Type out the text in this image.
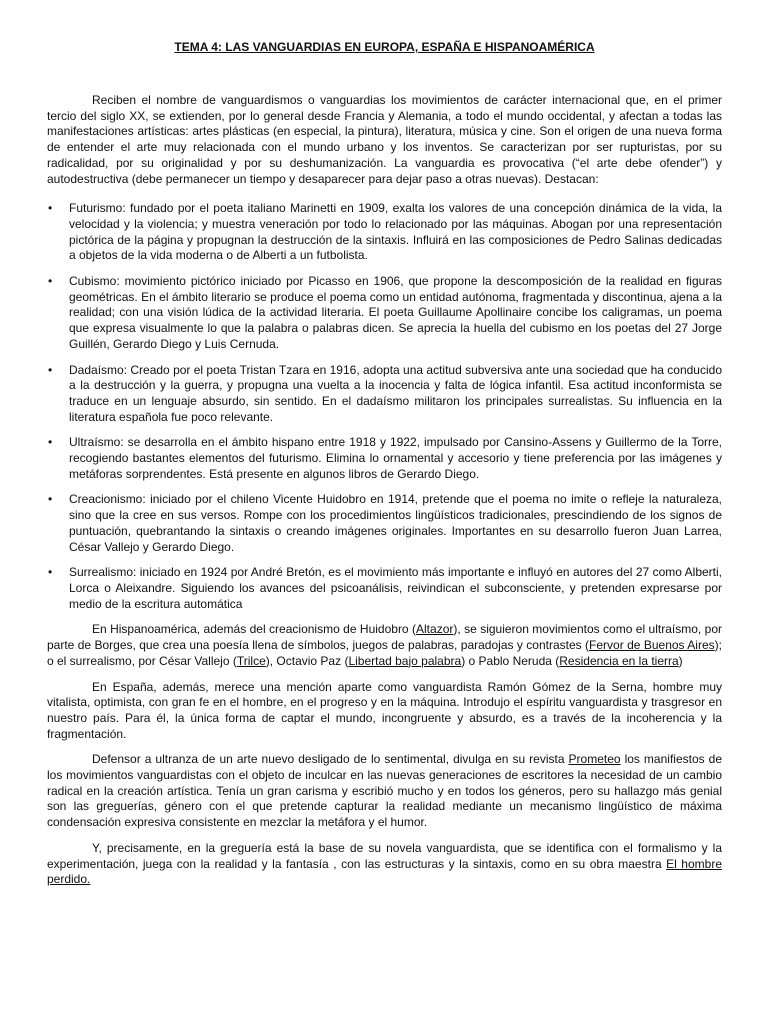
TEMA 4: LAS VANGUARDIAS EN EUROPA, ESPAÑA E HISPANOAMÉRICA

Reciben el nombre de vanguardismos o vanguardias los movimientos de carácter internacional que, en el primer tercio del siglo XX, se extienden, por lo general desde Francia y Alemania, a todo el mundo occidental, y afectan a todas las manifestaciones artísticas: artes plásticas (en especial, la pintura), literatura, música y cine. Son el origen de una nueva forma de entender el arte muy relacionada con el mundo urbano y los inventos. Se caracterizan por ser rupturistas, por su radicalidad, por su originalidad y por su deshumanización. La vanguardia es provocativa (“el arte debe ofender”) y autodestructiva (debe permanecer un tiempo y desaparecer para dejar paso a otras nuevas). Destacan:

• Futurismo: fundado por el poeta italiano Marinetti en 1909, exalta los valores de una concepción dinámica de la vida, la velocidad y la violencia; y muestra veneración por todo lo relacionado por las máquinas. Abogan por una representación pictórica de la página y propugnan la destrucción de la sintaxis. Influirá en las composiciones de Pedro Salinas dedicadas a objetos de la vida moderna o de Alberti a un futbolista.
• Cubismo: movimiento pictórico iniciado por Picasso en 1906, que propone la descomposición de la realidad en figuras geométricas. En el ámbito literario se produce el poema como un entidad autónoma, fragmentada y discontinua, ajena a la realidad; con una visión lúdica de la actividad literaria. El poeta Guillaume Apollinaire concibe los caligramas, un poema que expresa visualmente lo que la palabra o palabras dicen. Se aprecia la huella del cubismo en los poetas del 27 Jorge Guillén, Gerardo Diego y Luis Cernuda.
• Dadaísmo: Creado por el poeta Tristan Tzara en 1916, adopta una actitud subversiva ante una sociedad que ha conducido a la destrucción y la guerra, y propugna una vuelta a la inocencia y falta de lógica infantil. Esa actitud inconformista se traduce en un lenguaje absurdo, sin sentido. En el dadaísmo militaron los principales surrealistas. Su influencia en la literatura española fue poco relevante.
• Ultraísmo: se desarrolla en el ámbito hispano entre 1918 y 1922, impulsado por Cansino-Assens y Guillermo de la Torre, recogiendo bastantes elementos del futurismo. Elimina lo ornamental y accesorio y tiene preferencia por las imágenes y metáforas sorprendentes. Está presente en algunos libros de Gerardo Diego.
• Creacionismo: iniciado por el chileno Vicente Huidobro en 1914, pretende que el poema no imite o refleje la naturaleza, sino que la cree en sus versos. Rompe con los procedimientos lingüísticos tradicionales, prescindiendo de los signos de puntuación, quebrantando la sintaxis o creando imágenes originales. Importantes en su desarrollo fueron Juan Larrea, César Vallejo y Gerardo Diego.
• Surrealismo: iniciado en 1924 por André Bretón, es el movimiento más importante e influyó en autores del 27 como Alberti, Lorca o Aleixandre. Siguiendo los avances del psicoanálisis, reivindican el subconsciente, y pretenden expresarse por medio de la escritura automática

En Hispanoamérica, además del creacionismo de Huidobro (Altazor), se siguieron movimientos como el ultraísmo, por parte de Borges, que crea una poesía llena de símbolos, juegos de palabras, paradojas y contrastes (Fervor de Buenos Aires); o el surrealismo, por César Vallejo (Trilce), Octavio Paz (Libertad bajo palabra) o Pablo Neruda (Residencia en la tierra)

En España, además, merece una mención aparte como vanguardista Ramón Gómez de la Serna, hombre muy vitalista, optimista, con gran fe en el hombre, en el progreso y en la máquina. Introdujo el espíritu vanguardista y trasgresor en nuestro país. Para él, la única forma de captar el mundo, incongruente y absurdo, es a través de la incoherencia y la fragmentación.

Defensor a ultranza de un arte nuevo desligado de lo sentimental, divulga en su revista Prometeo los manifiestos de los movimientos vanguardistas con el objeto de inculcar en las nuevas generaciones de escritores la necesidad de un cambio radical en la creación artística. Tenía un gran carisma y escribió mucho y en todos los géneros, pero su hallazgo más genial son las greguerías, género con el que pretende capturar la realidad mediante un mecanismo lingüístico de máxima condensación expresiva consistente en mezclar la metáfora y el humor.

Y, precisamente, en la greguería está la base de su novela vanguardista, que se identifica con el formalismo y la experimentación, juega con la realidad y la fantasía , con las estructuras y la sintaxis, como en su obra maestra El hombre perdido.
